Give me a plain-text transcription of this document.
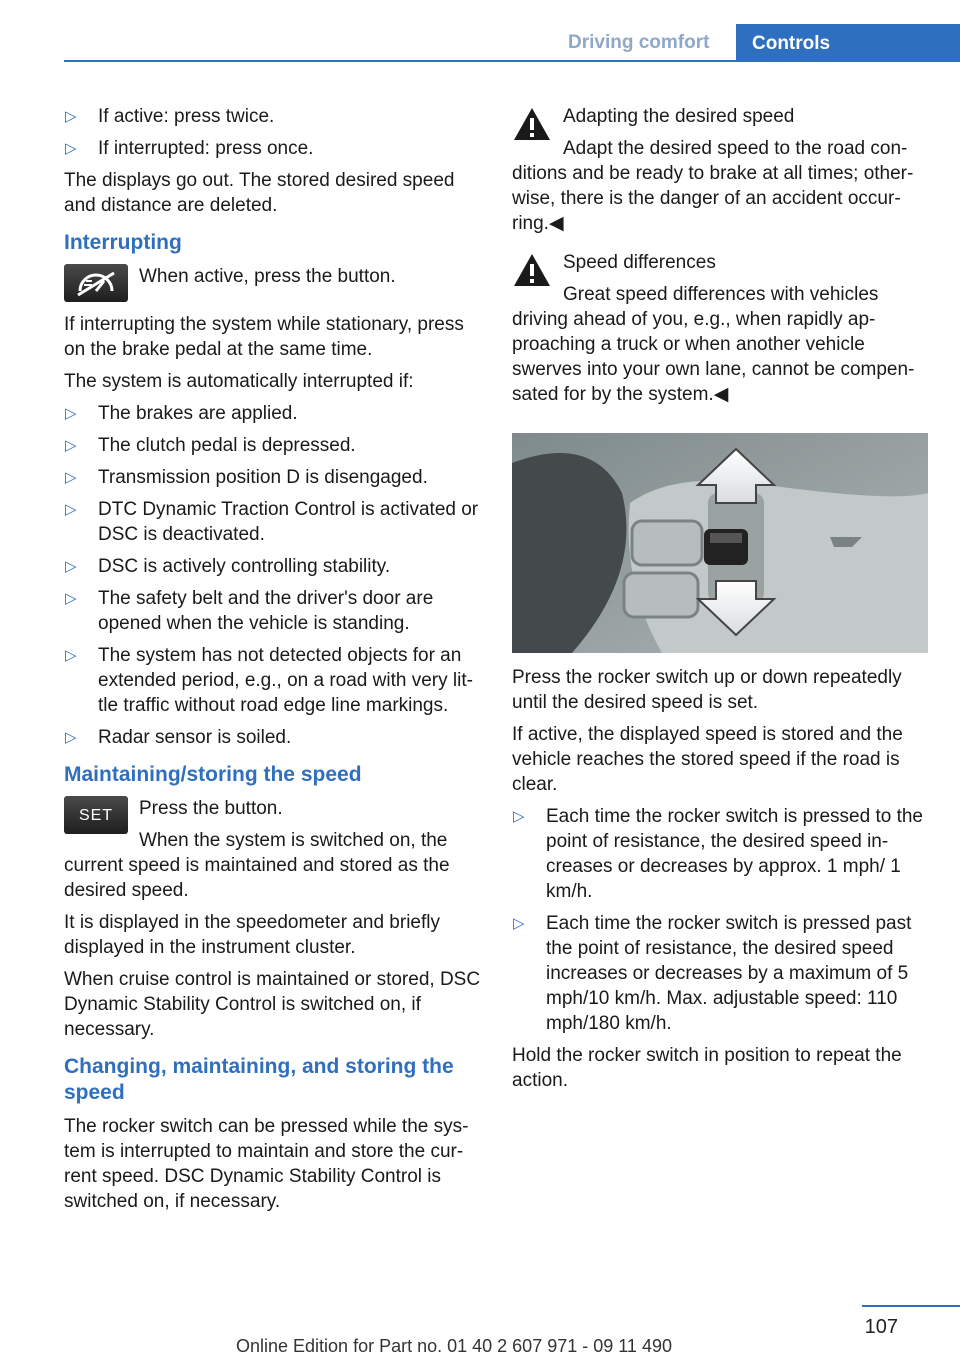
Driving comfort Controls
▷ If active: press twice.
▷ If interrupted: press once.

The displays go out. The stored desired speed and distance are deleted.

Interrupting

When active, press the button.

If interrupting the system while stationary, press on the brake pedal at the same time.

The system is automatically interrupted if:

▷ The brakes are applied.
▷ The clutch pedal is depressed.
▷ Transmission position D is disengaged.
▷ DTC Dynamic Traction Control is activated or DSC is deactivated.
▷ DSC is actively controlling stability.
▷ The safety belt and the driver's door are opened when the vehicle is standing.
▷ The system has not detected objects for an extended period, e.g., on a road with very lit‐tle traffic without road edge line markings.
▷ Radar sensor is soiled.
Maintaining/storing the speed
SET	Press the button.

When the system is switched on, the current speed is maintained and stored as the desired speed.

It is displayed in the speedometer and briefly displayed in the instrument cluster.

When cruise control is maintained or stored, DSC Dynamic Stability Control is switched on, if necessary.

Changing, maintaining, and storing the speed

The rocker switch can be pressed while the sys‐tem is interrupted to maintain and store the cur‐rent speed. DSC Dynamic Stability Control is switched on, if necessary.

Adapting the desired speed

Adapt the desired speed to the road con‐ditions and be ready to brake at all times; other‐wise, there is the danger of an accident occur‐ring.◀

Speed differences

Great speed differences with vehicles driving ahead of you, e.g., when rapidly ap‐proaching a truck or when another vehicle swerves into your own lane, cannot be compen‐sated for by the system.◀

Press the rocker switch up or down repeatedly until the desired speed is set.

If active, the displayed speed is stored and the vehicle reaches the stored speed if the road is clear.

▷ Each time the rocker switch is pressed to the point of resistance, the desired speed in‐creases or decreases by approx. 1 mph/ 1 km/h.
▷ Each time the rocker switch is pressed past the point of resistance, the desired speed increases or decreases by a maximum of 5 mph/10 km/h. Max. adjustable speed: 110 mph/180 km/h.

Hold the rocker switch in position to repeat the action.

107
Online Edition for Part no. 01 40 2 607 971 - 09 11 490
